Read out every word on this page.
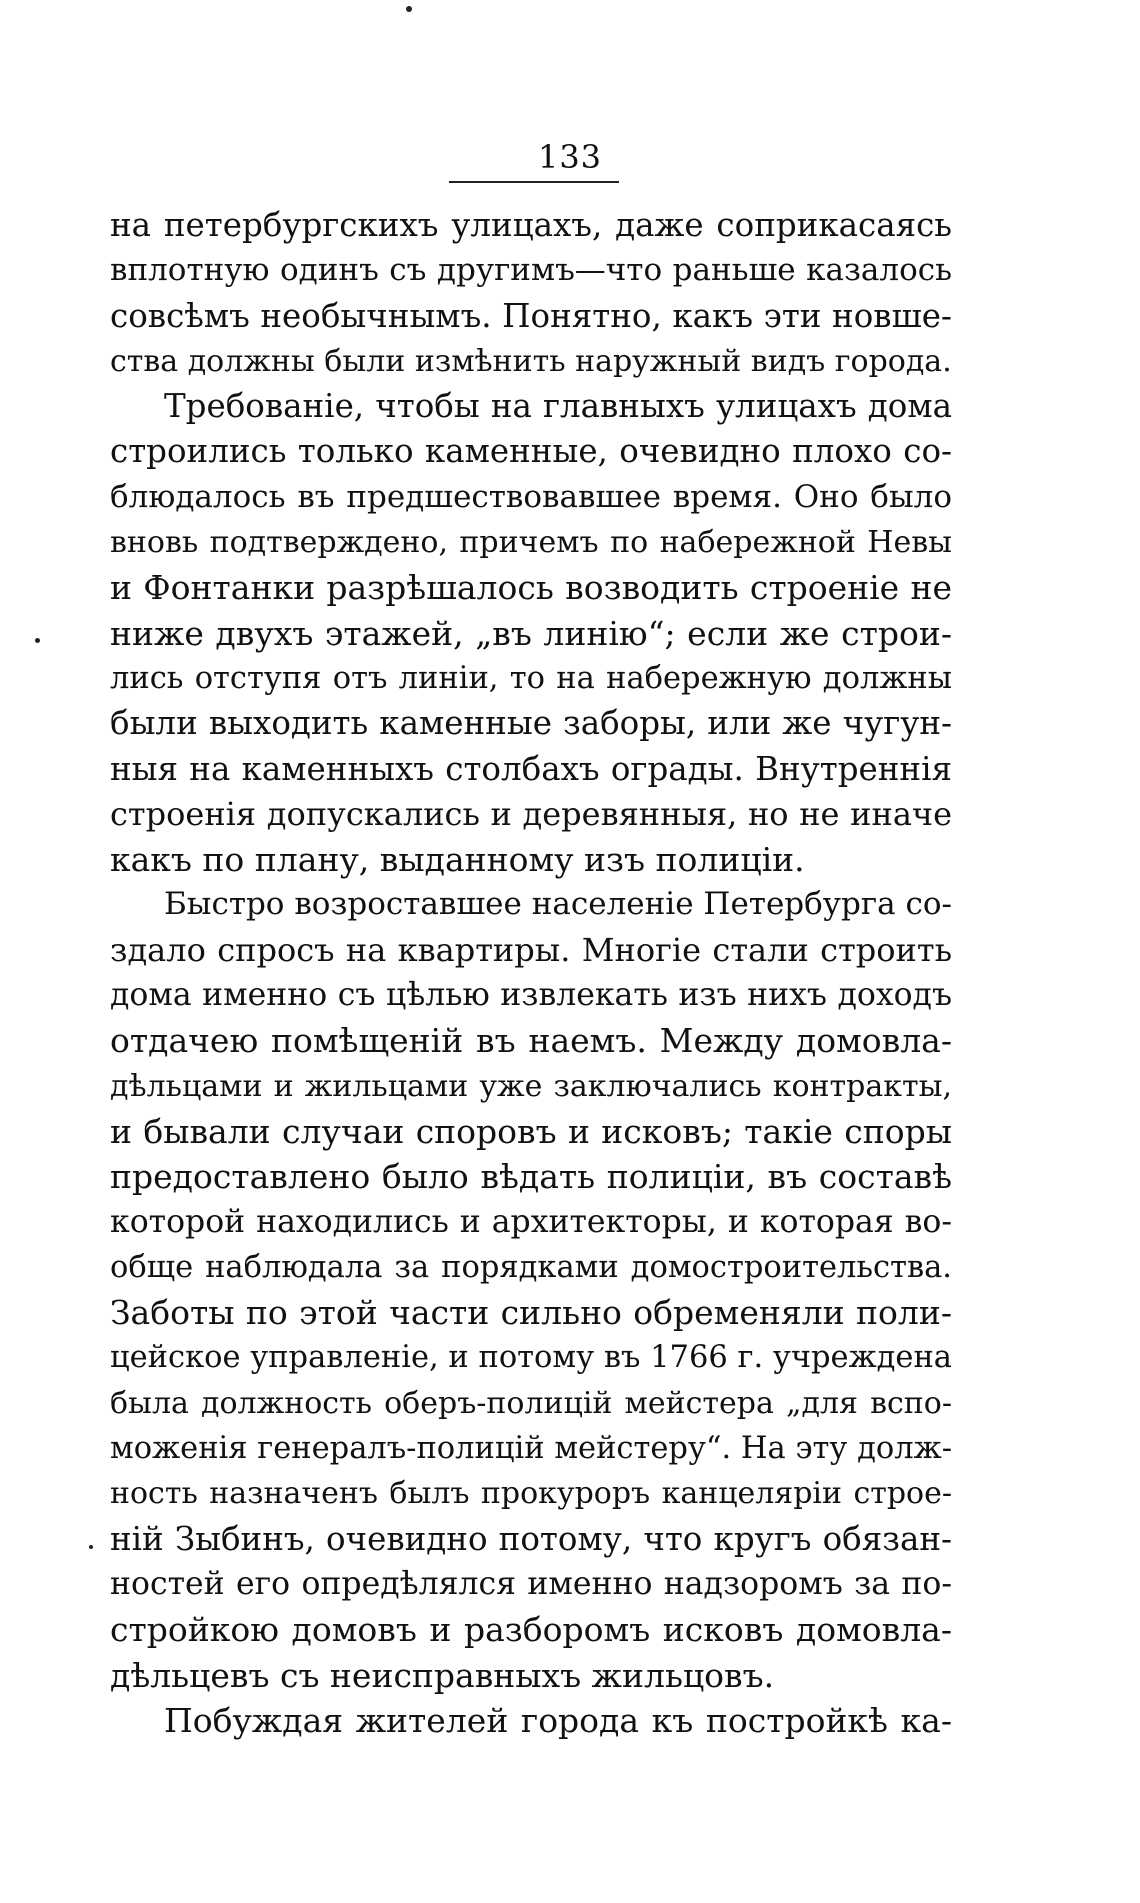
133
на петербургскихъ улицахъ, даже соприкасаясь
вплотную одинъ съ другимъ—что раньше казалось
совсѣмъ необычнымъ. Понятно, какъ эти новше-
ства должны были измѣнить наружный видъ города.
Требованіе, чтобы на главныхъ улицахъ дома
строились только каменные, очевидно плохо со-
блюдалось въ предшествовавшее время. Оно было
вновь подтверждено, причемъ по набережной Невы
и Фонтанки разрѣшалось возводить строеніе не
ниже двухъ этажей, „въ линію“; если же строи-
лись отступя отъ линіи, то на набережную должны
были выходить каменные заборы, или же чугун-
ныя на каменныхъ столбахъ ограды. Внутреннія
строенія допускались и деревянныя, но не иначе
какъ по плану, выданному изъ полиціи.
Быстро возроставшее населеніе Петербурга со-
здало спросъ на квартиры. Многіе стали строить
дома именно съ цѣлью извлекать изъ нихъ доходъ
отдачею помѣщеній въ наемъ. Между домовла-
дѣльцами и жильцами уже заключались контракты,
и бывали случаи споровъ и исковъ; такіе споры
предоставлено было вѣдать полиціи, въ составѣ
которой находились и архитекторы, и которая во-
обще наблюдала за порядками домостроительства.
Заботы по этой части сильно обременяли поли-
цейское управленіе, и потому въ 1766 г. учреждена
была должность оберъ-полицій мейстера „для вспо-
моженія генералъ-полицій мейстеру“. На эту долж-
ность назначенъ былъ прокуроръ канцеляріи строе-
ній Зыбинъ, очевидно потому, что кругъ обязан-
ностей его опредѣлялся именно надзоромъ за по-
стройкою домовъ и разборомъ исковъ домовла-
дѣльцевъ съ неисправныхъ жильцовъ.
Побуждая жителей города къ постройкѣ ка-
